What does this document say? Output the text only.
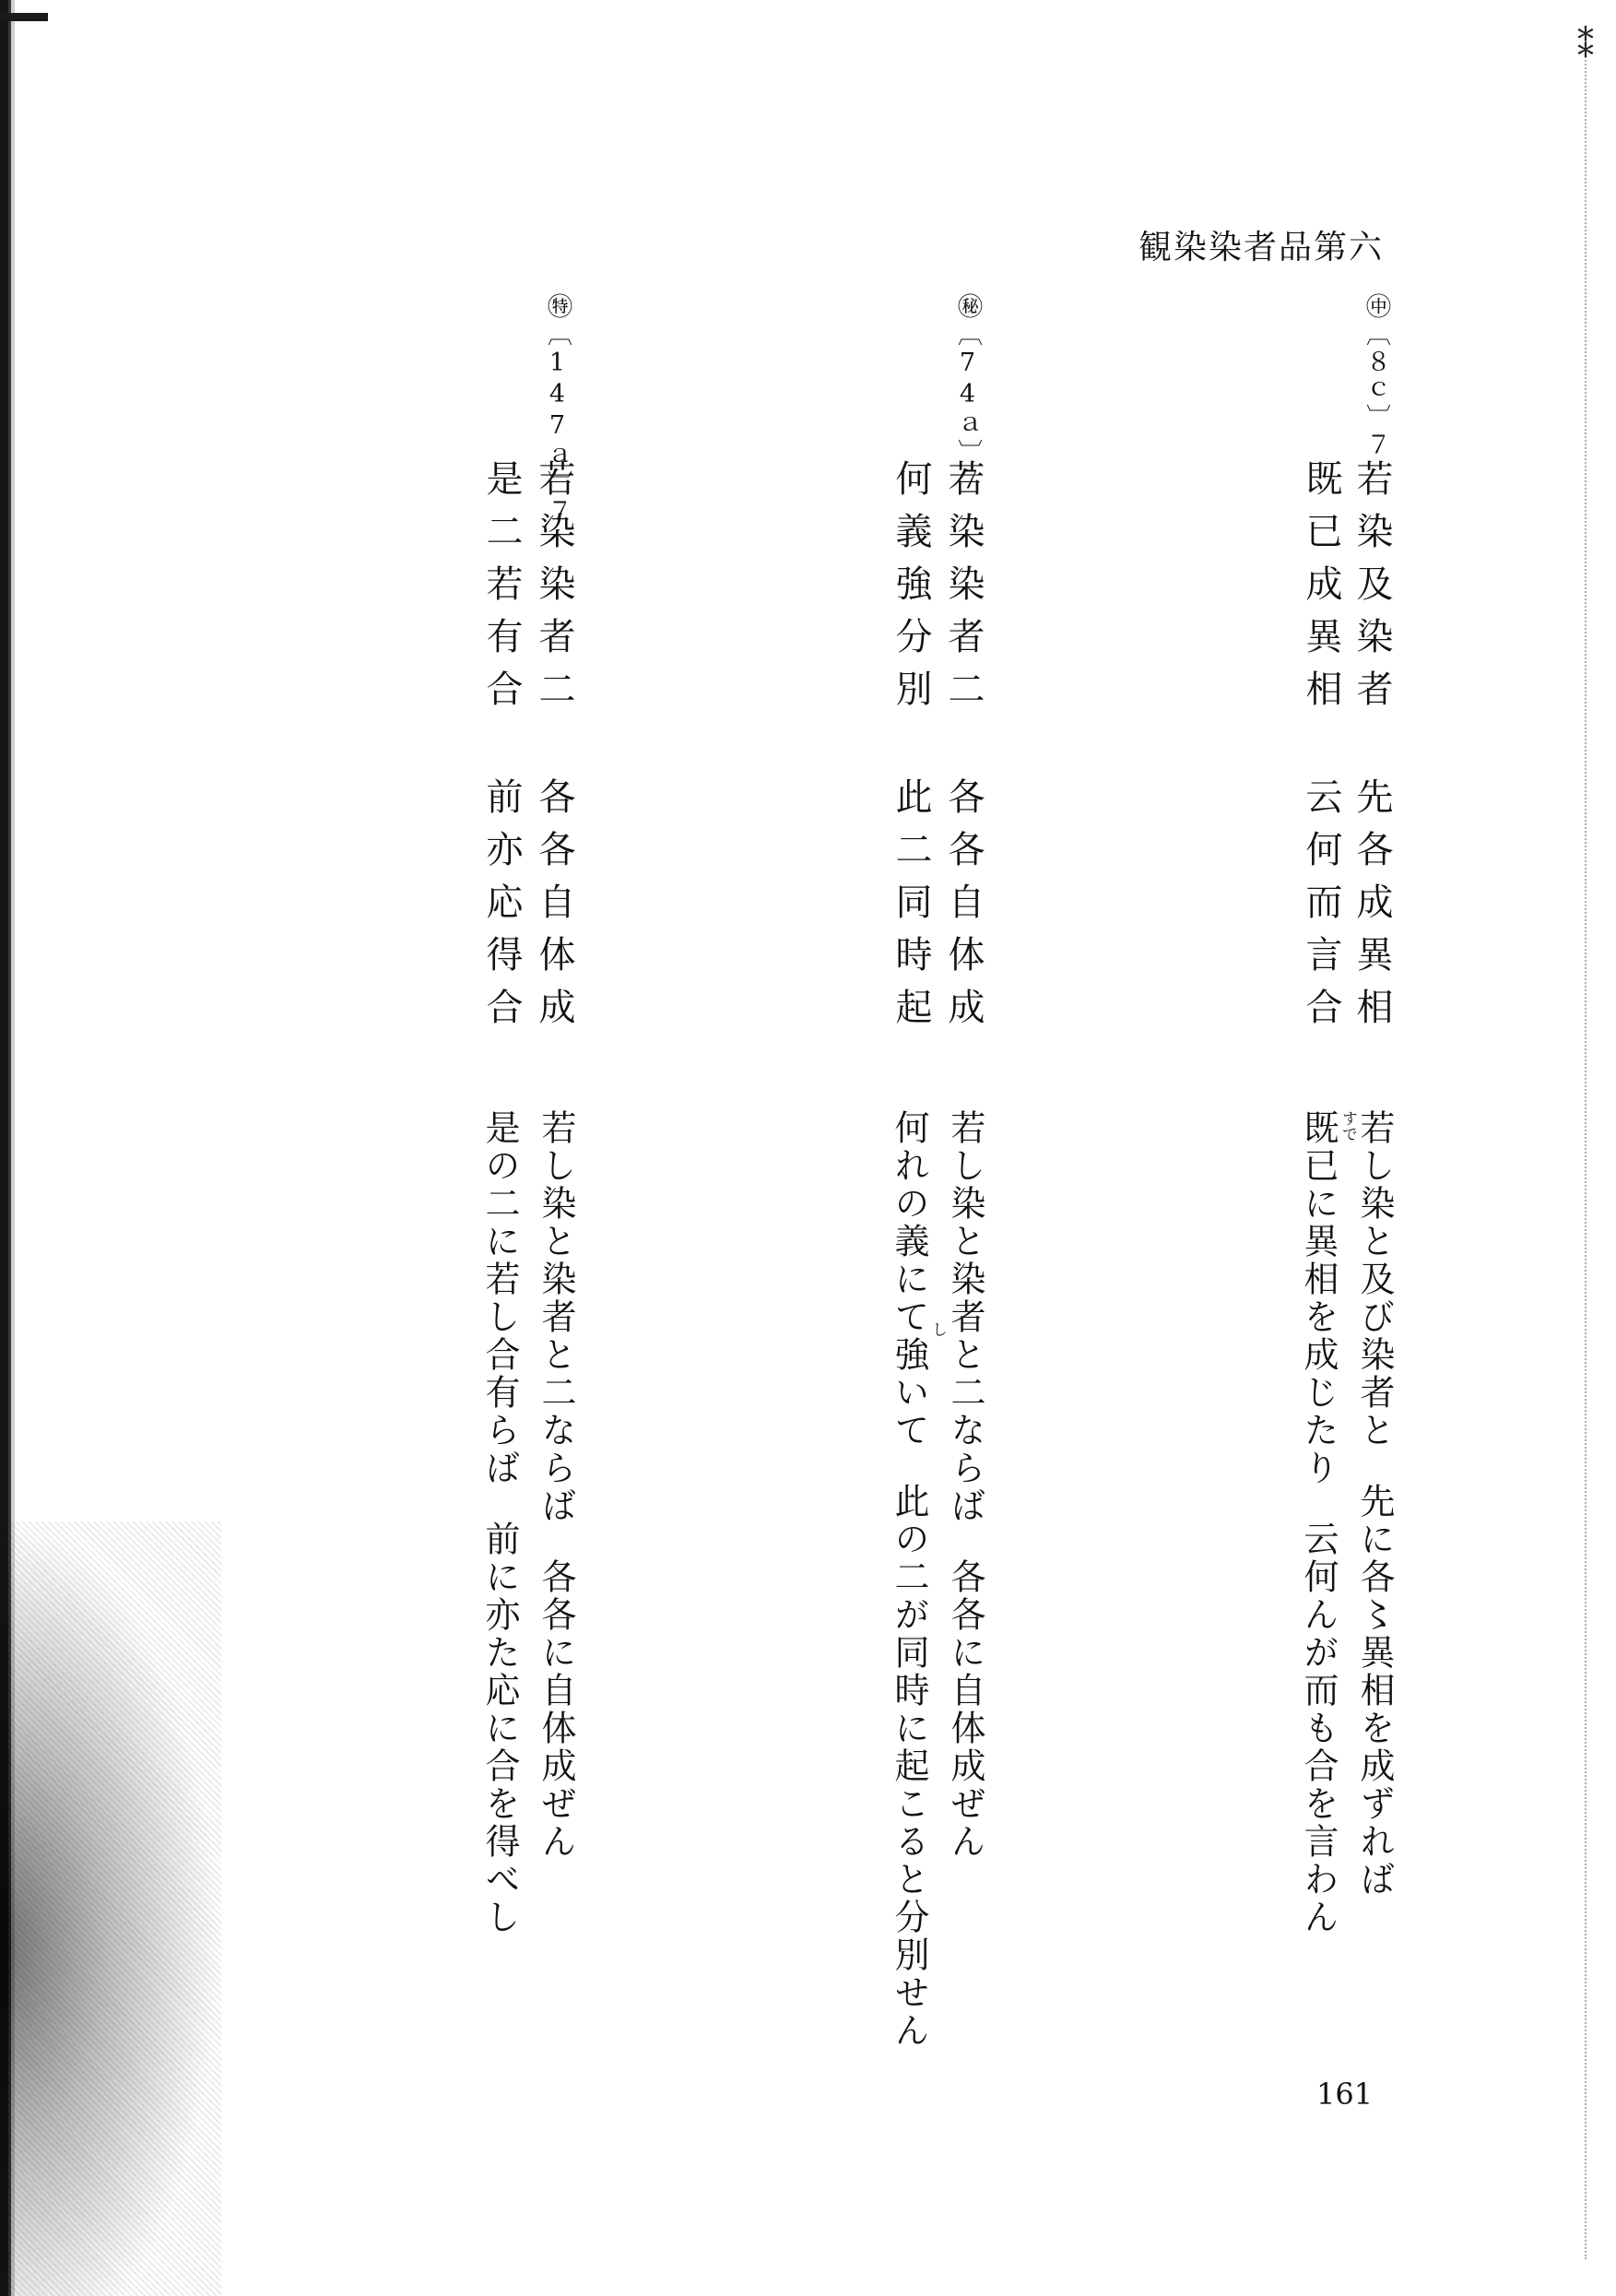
⁑
観染染者品第六
㊥〔８ｃ〕７
若染及染者先各成異相
既已成異相云何而言合
若し染と及び染者と先に各〻異相を成ずれば
すで
既已に異相を成じたり云何んが而も合を言わん
㊙〔74ａ〕７
若染染者二各各自体成
何義強分別此二同時起
若し染と染者と二ならば各各に自体成ぜん
し
何れの義にて強いて此の二が同時に起こると分別せん
㊕〔147ａ〕７
若染染者二各各自体成
是二若有合前亦応得合
若し染と染者と二ならば各各に自体成ぜん
是の二に若し合有らば前に亦た応に合を得べし
161
